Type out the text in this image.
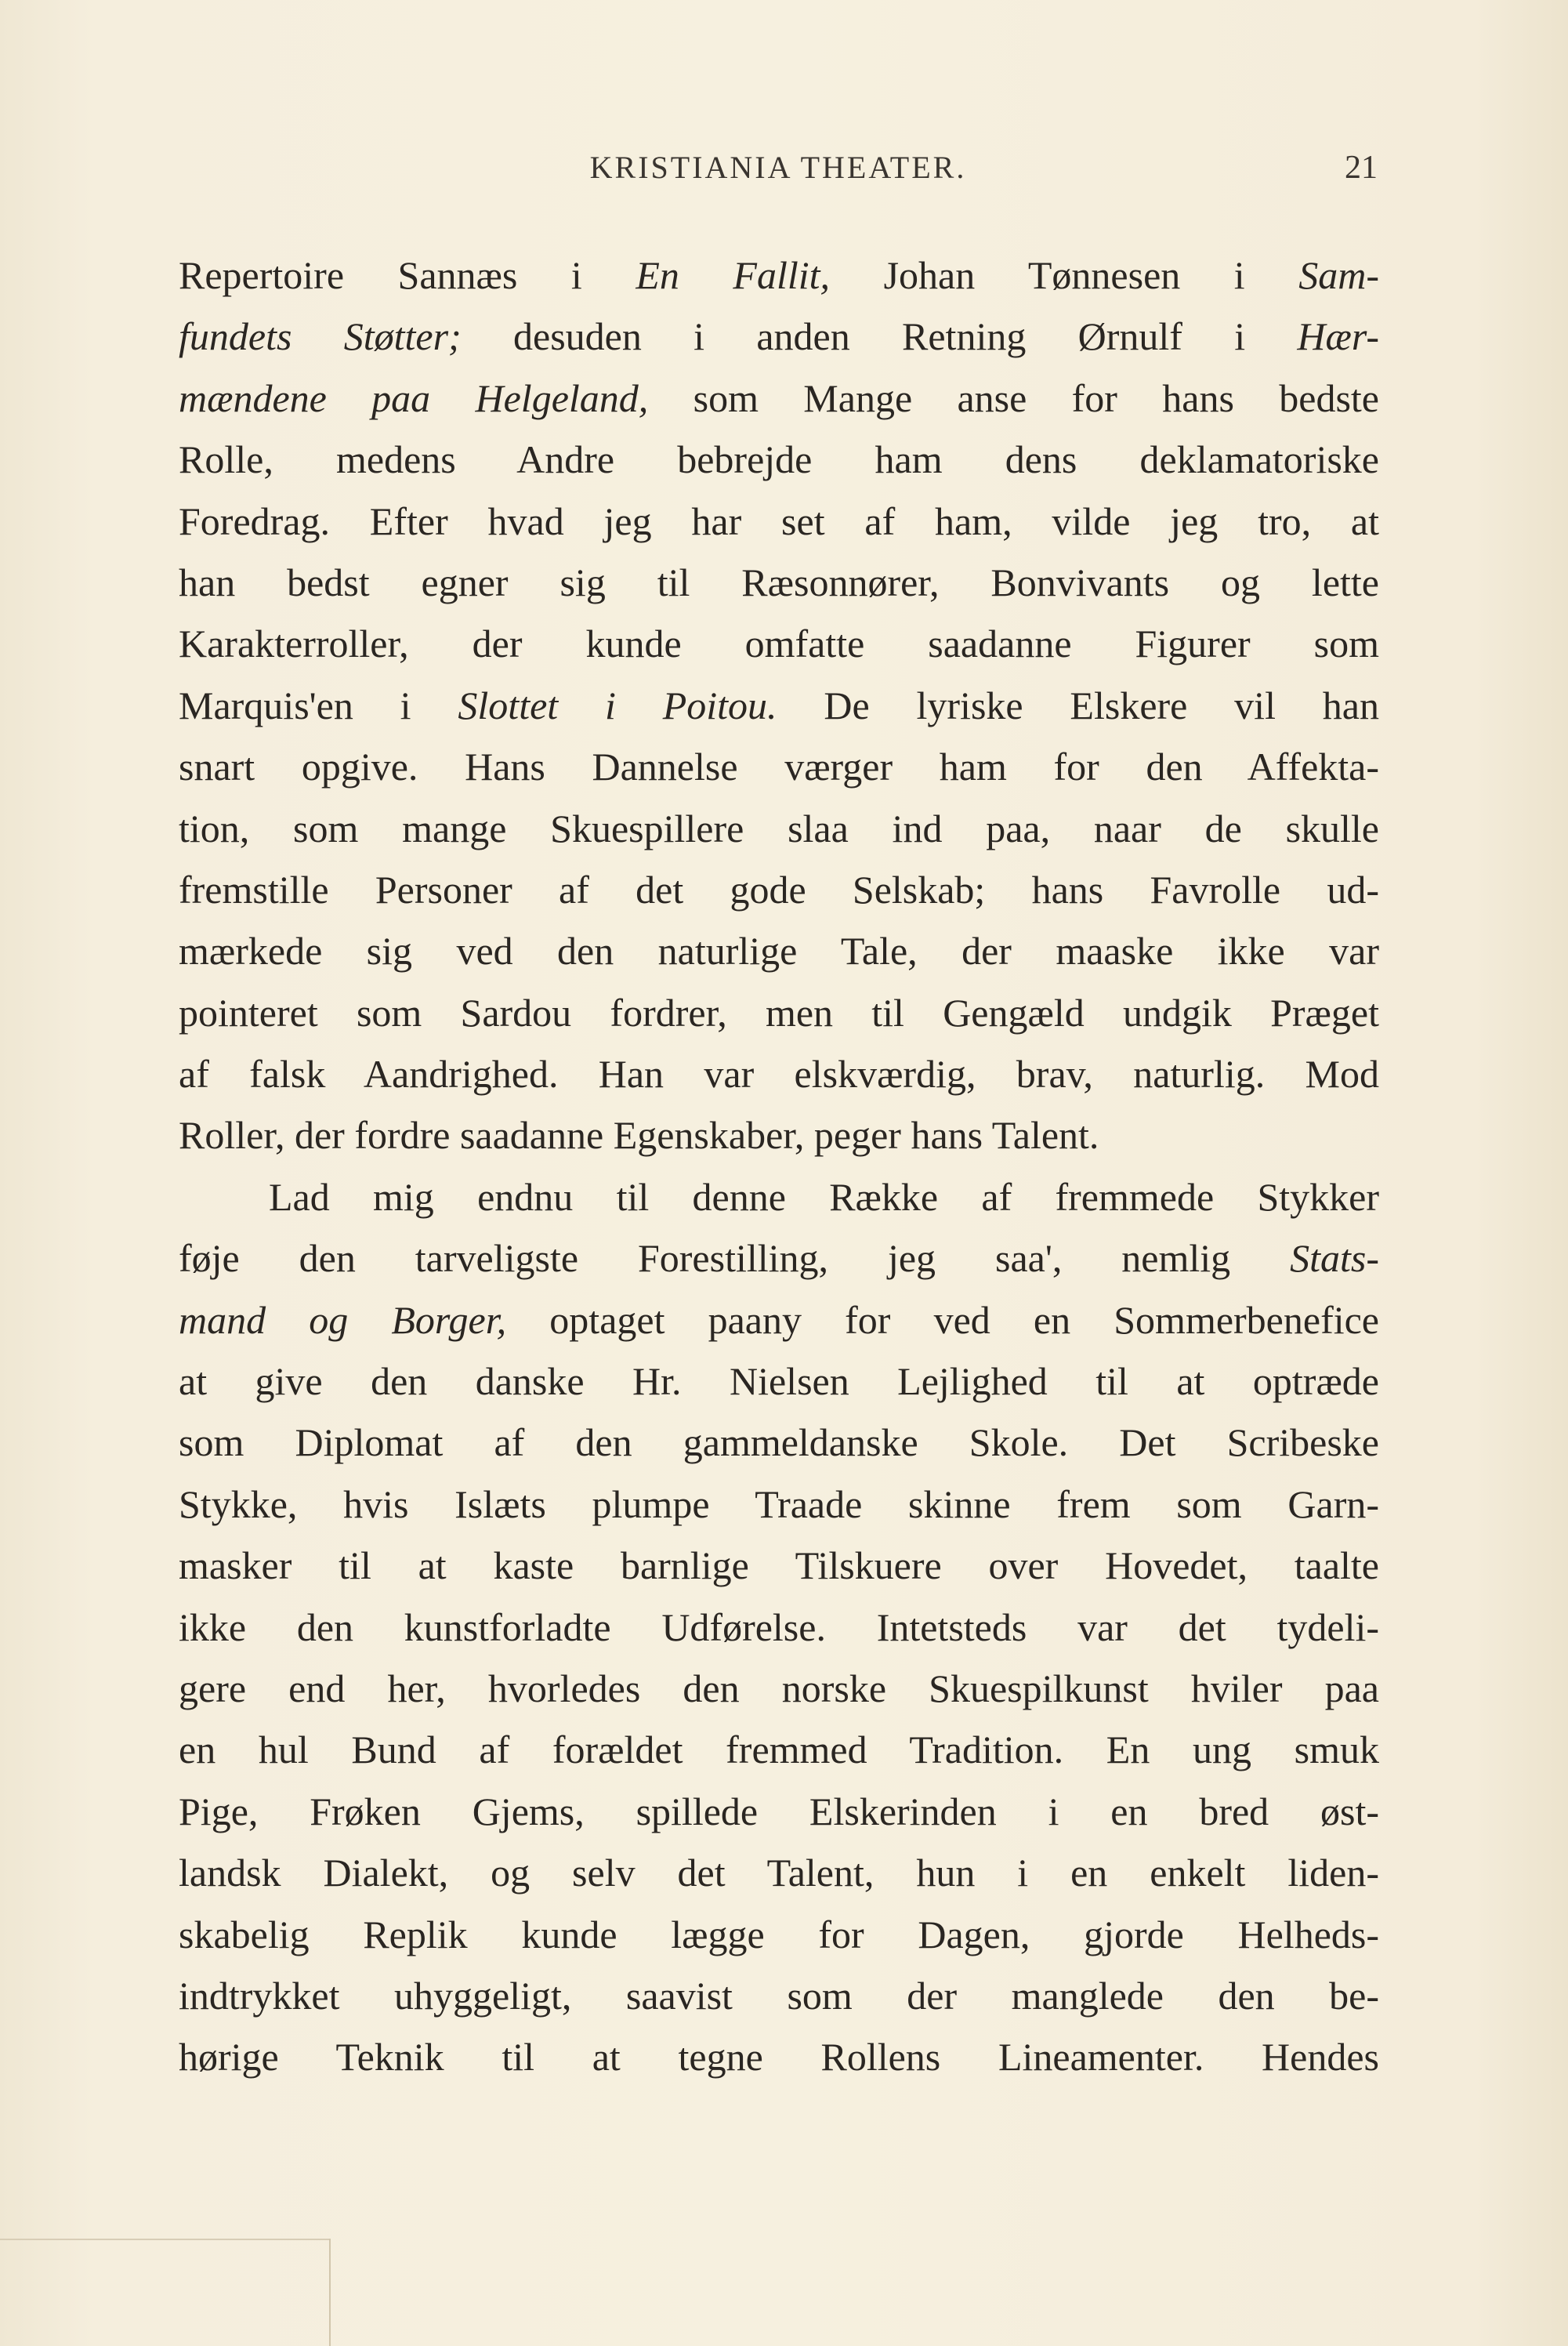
KRISTIANIA THEATER.	21
Repertoire Sannæs i En Fallit, Johan Tønnesen i Sam-
fundets Støtter; desuden i anden Retning Ørnulf i Hær-
mændene paa Helgeland, som Mange anse for hans bedste
Rolle, medens Andre bebrejde ham dens deklamatoriske
Foredrag. Efter hvad jeg har set af ham, vilde jeg tro, at
han bedst egner sig til Ræsonnører, Bonvivants og lette
Karakterroller, der kunde omfatte saadanne Figurer som
Marquis'en i Slottet i Poitou. De lyriske Elskere vil han
snart opgive. Hans Dannelse værger ham for den Affekta-
tion, som mange Skuespillere slaa ind paa, naar de skulle
fremstille Personer af det gode Selskab; hans Favrolle ud-
mærkede sig ved den naturlige Tale, der maaske ikke var
pointeret som Sardou fordrer, men til Gengæld undgik Præget
af falsk Aandrighed. Han var elskværdig, brav, naturlig. Mod
Roller, der fordre saadanne Egenskaber, peger hans Talent.
Lad mig endnu til denne Række af fremmede Stykker
føje den tarveligste Forestilling, jeg saa', nemlig Stats-
mand og Borger, optaget paany for ved en Sommerbenefice
at give den danske Hr. Nielsen Lejlighed til at optræde
som Diplomat af den gammeldanske Skole. Det Scribeske
Stykke, hvis Islæts plumpe Traade skinne frem som Garn-
masker til at kaste barnlige Tilskuere over Hovedet, taalte
ikke den kunstforladte Udførelse. Intetsteds var det tydeli-
gere end her, hvorledes den norske Skuespilkunst hviler paa
en hul Bund af forældet fremmed Tradition. En ung smuk
Pige, Frøken Gjems, spillede Elskerinden i en bred øst-
landsk Dialekt, og selv det Talent, hun i en enkelt liden-
skabelig Replik kunde lægge for Dagen, gjorde Helheds-
indtrykket uhyggeligt, saavist som der manglede den be-
hørige Teknik til at tegne Rollens Lineamenter. Hendes
